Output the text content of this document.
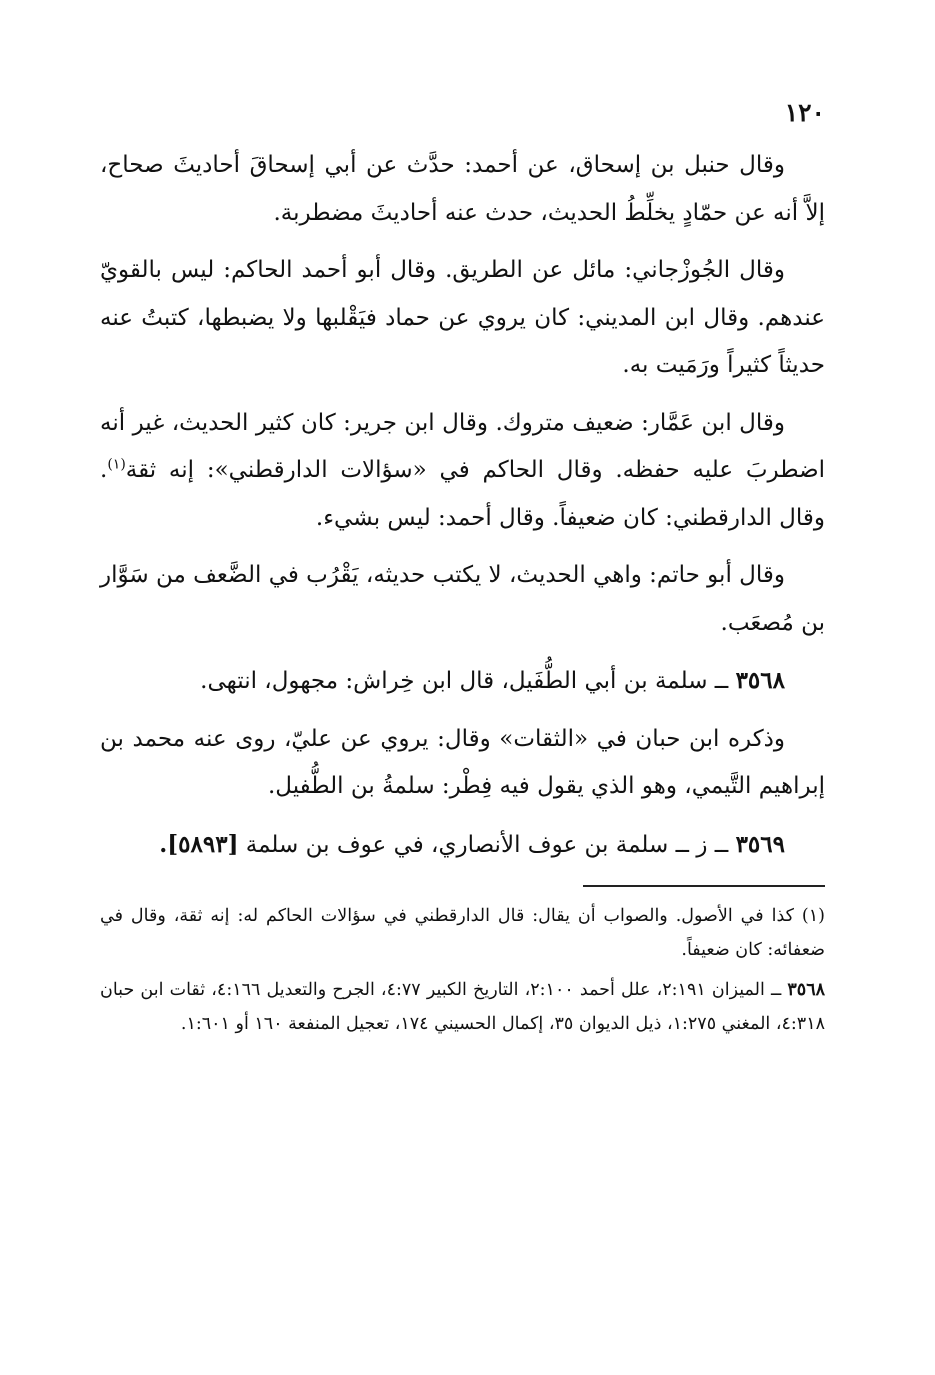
١٢٠

وقال حنبل بن إسحاق، عن أحمد: حدَّث عن أبي إسحاقَ أحاديثَ صحاح، إلاَّ أنه عن حمّادٍ يخلِّطُ الحديث، حدث عنه أحاديثَ مضطربة.

وقال الجُوزْجاني: مائل عن الطريق. وقال أبو أحمد الحاكم: ليس بالقويّ عندهم. وقال ابن المديني: كان يروي عن حماد فيَقْلبها ولا يضبطها، كتبتُ عنه حديثاً كثيراً ورَمَيت به.

وقال ابن عَمَّار: ضعيف متروك. وقال ابن جرير: كان كثير الحديث، غير أنه اضطربَ عليه حفظه. وقال الحاكم في «سؤالات الدارقطني»: إنه ثقة$^{(١)}$. وقال الدارقطني: كان ضعيفاً. وقال أحمد: ليس بشيء.

وقال أبو حاتم: واهي الحديث، لا يكتب حديثه، يَقْرُب في الضَّعف من سَوَّار بن مُصعَب.

٣٥٦٨ ــ سلمة بن أبي الطُّفَيل، قال ابن خِراش: مجهول، انتهى.

وذكره ابن حبان في «الثقات» وقال: يروي عن عليّ، روى عنه محمد بن إبراهيم التَّيمي، وهو الذي يقول فيه فِطْر: سلمةُ بن الطُّفيل.

٣٥٦٩ ــ ز ــ سلمة بن عوف الأنصاري، في عوف بن سلمة [٥٨٩٣].

(١) كذا في الأصول. والصواب أن يقال: قال الدارقطني في سؤالات الحاكم له: إنه ثقة، وقال في ضعفائه: كان ضعيفاً.

٣٥٦٨ ــ الميزان ٢:١٩١، علل أحمد ٢:١٠٠، التاريخ الكبير ٤:٧٧، الجرح والتعديل ٤:١٦٦، ثقات ابن حبان ٤:٣١٨، المغني ١:٢٧٥، ذيل الديوان ٣٥، إكمال الحسيني ١٧٤، تعجيل المنفعة ١٦٠ أو ١:٦٠١.
